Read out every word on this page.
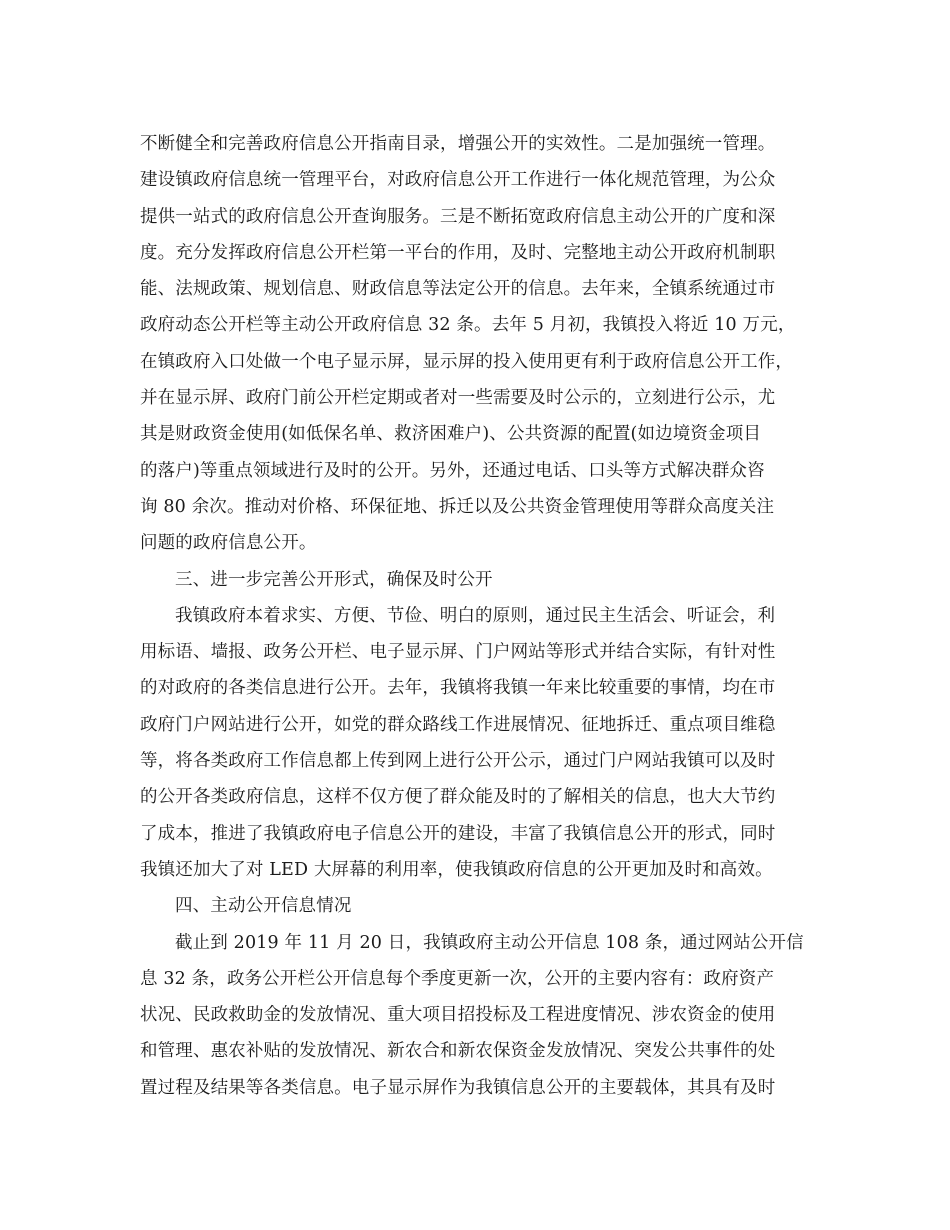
不断健全和完善政府信息公开指南目录，增强公开的实效性。二是加强统一管理。
建设镇政府信息统一管理平台，对政府信息公开工作进行一体化规范管理，为公众
提供一站式的政府信息公开查询服务。三是不断拓宽政府信息主动公开的广度和深
度。充分发挥政府信息公开栏第一平台的作用，及时、完整地主动公开政府机制职
能、法规政策、规划信息、财政信息等法定公开的信息。去年来，全镇系统通过市
政府动态公开栏等主动公开政府信息 32 条。去年 5 月初，我镇投入将近 10 万元，
在镇政府入口处做一个电子显示屏，显示屏的投入使用更有利于政府信息公开工作，
并在显示屏、政府门前公开栏定期或者对一些需要及时公示的，立刻进行公示，尤
其是财政资金使用(如低保名单、救济困难户)、公共资源的配置(如边境资金项目
的落户)等重点领域进行及时的公开。另外，还通过电话、口头等方式解决群众咨
询 80 余次。推动对价格、环保征地、拆迁以及公共资金管理使用等群众高度关注
问题的政府信息公开。
三、进一步完善公开形式，确保及时公开
我镇政府本着求实、方便、节俭、明白的原则，通过民主生活会、听证会，利
用标语、墙报、政务公开栏、电子显示屏、门户网站等形式并结合实际，有针对性
的对政府的各类信息进行公开。去年，我镇将我镇一年来比较重要的事情，均在市
政府门户网站进行公开，如党的群众路线工作进展情况、征地拆迁、重点项目维稳
等，将各类政府工作信息都上传到网上进行公开公示，通过门户网站我镇可以及时
的公开各类政府信息，这样不仅方便了群众能及时的了解相关的信息，也大大节约
了成本，推进了我镇政府电子信息公开的建设，丰富了我镇信息公开的形式，同时
我镇还加大了对 LED 大屏幕的利用率，使我镇政府信息的公开更加及时和高效。
四、主动公开信息情况
截止到 2019 年 11 月 20 日，我镇政府主动公开信息 108 条，通过网站公开信
息 32 条，政务公开栏公开信息每个季度更新一次，公开的主要内容有：政府资产
状况、民政救助金的发放情况、重大项目招投标及工程进度情况、涉农资金的使用
和管理、惠农补贴的发放情况、新农合和新农保资金发放情况、突发公共事件的处
置过程及结果等各类信息。电子显示屏作为我镇信息公开的主要载体，其具有及时
